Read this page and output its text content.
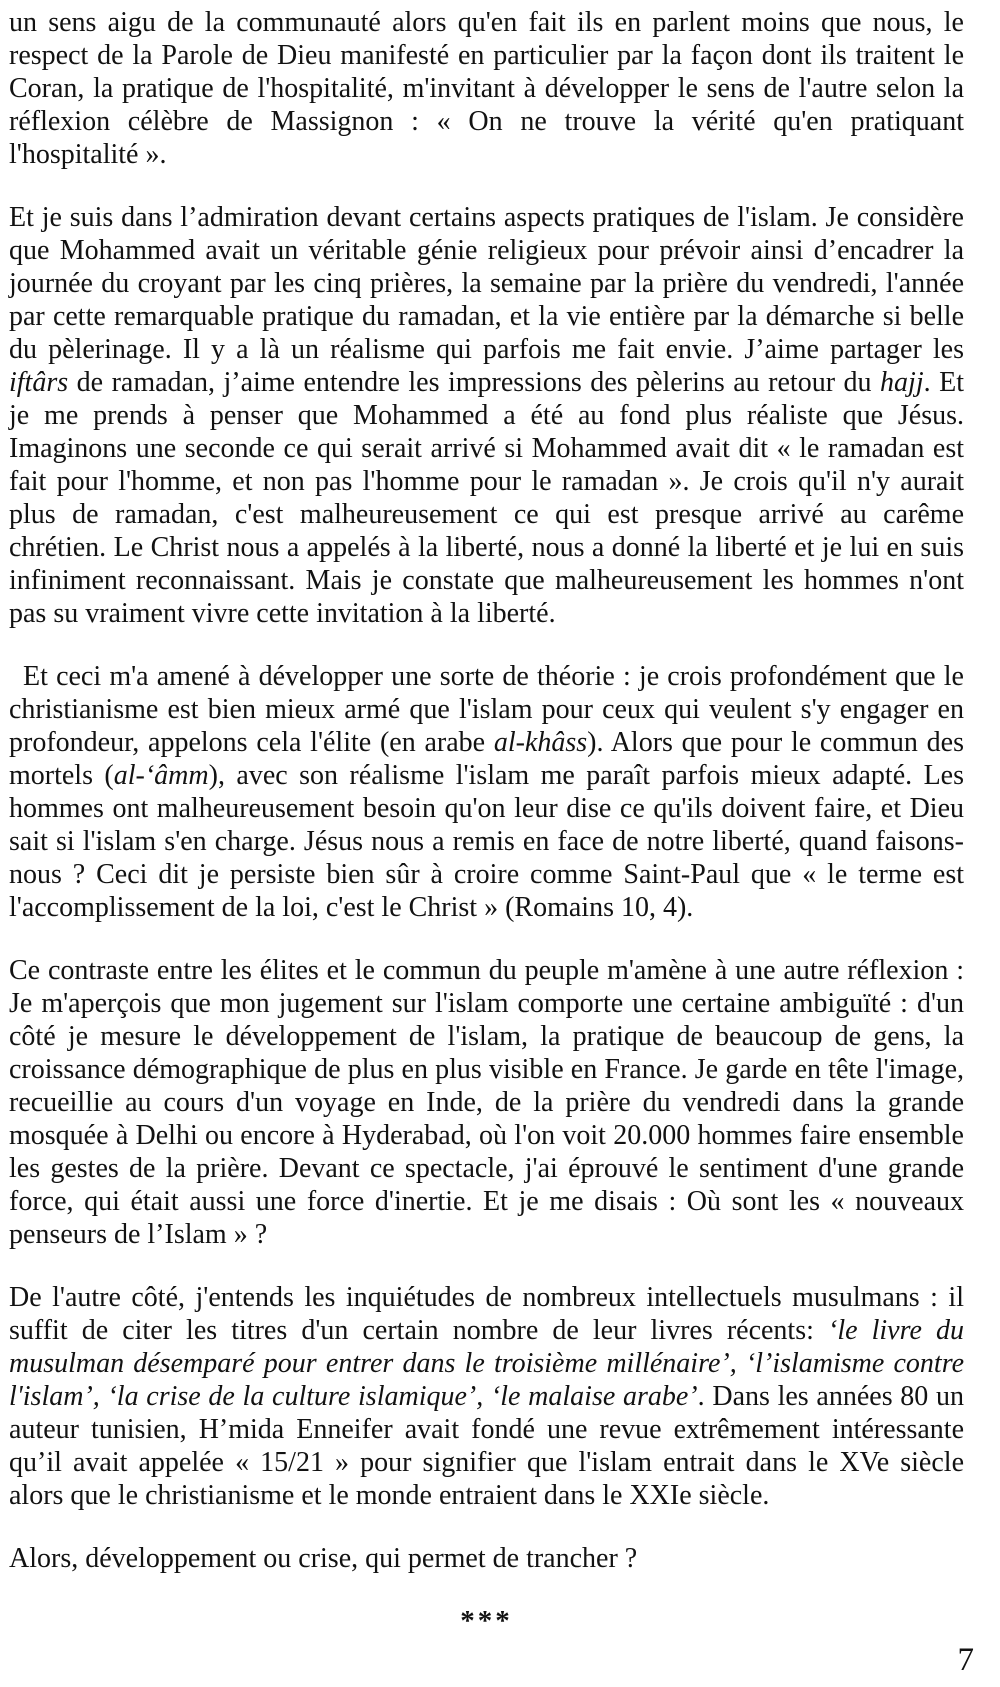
un sens aigu de la communauté alors qu'en fait ils en parlent moins que nous, le respect de la Parole de Dieu manifesté en particulier par la façon dont ils traitent le Coran, la pratique de l'hospitalité, m'invitant à développer le sens de l'autre selon la réflexion célèbre de Massignon : « On ne trouve la vérité qu'en pratiquant l'hospitalité ».

Et je suis dans l’admiration devant certains aspects pratiques de l'islam. Je considère que Mohammed avait un véritable génie religieux pour prévoir ainsi d’encadrer la journée du croyant par les cinq prières, la semaine par la prière du vendredi, l'année par cette remarquable pratique du ramadan, et la vie entière par la démarche si belle du pèlerinage. Il y a là un réalisme qui parfois me fait envie. J’aime partager les iftârs de ramadan, j’aime entendre les impressions des pèlerins au retour du hajj. Et je me prends à penser que Mohammed a été au fond plus réaliste que Jésus. Imaginons une seconde ce qui serait arrivé si Mohammed avait dit « le ramadan est fait pour l'homme, et non pas l'homme pour le ramadan ». Je crois qu'il n'y aurait plus de ramadan, c'est malheureusement ce qui est presque arrivé au carême chrétien. Le Christ nous a appelés à la liberté, nous a donné la liberté et je lui en suis infiniment reconnaissant. Mais je constate que malheureusement les hommes n'ont pas su vraiment vivre cette invitation à la liberté.

Et ceci m'a amené à développer une sorte de théorie : je crois profondément que le christianisme est bien mieux armé que l'islam pour ceux qui veulent s'y engager en profondeur, appelons cela l'élite (en arabe al-khâss). Alors que pour le commun des mortels (al-‘âmm), avec son réalisme l'islam me paraît parfois mieux adapté. Les hommes ont malheureusement besoin qu'on leur dise ce qu'ils doivent faire, et Dieu sait si l'islam s'en charge. Jésus nous a remis en face de notre liberté, quand faisons-nous ? Ceci dit je persiste bien sûr à croire comme Saint-Paul que « le terme est l'accomplissement de la loi, c'est le Christ » (Romains 10, 4).

Ce contraste entre les élites et le commun du peuple m'amène à une autre réflexion : Je m'aperçois que mon jugement sur l'islam comporte une certaine ambiguïté : d'un côté je mesure le développement de l'islam, la pratique de beaucoup de gens, la croissance démographique de plus en plus visible en France. Je garde en tête l'image, recueillie au cours d'un voyage en Inde, de la prière du vendredi dans la grande mosquée à Delhi ou encore à Hyderabad, où l'on voit 20.000 hommes faire ensemble les gestes de la prière. Devant ce spectacle, j'ai éprouvé le sentiment d'une grande force, qui était aussi une force d'inertie. Et je me disais : Où sont les « nouveaux penseurs de l’Islam » ?

De l'autre côté, j'entends les inquiétudes de nombreux intellectuels musulmans : il suffit de citer les titres d'un certain nombre de leur livres récents: ‘le livre du musulman désemparé pour entrer dans le troisième millénaire’, ‘l’islamisme contre l'islam’, ‘la crise de la culture islamique’, ‘le malaise arabe’. Dans les années 80 un auteur tunisien, H’mida Enneifer avait fondé une revue extrêmement intéressante qu’il avait appelée « 15/21 » pour signifier que l'islam entrait dans le XVe siècle alors que le christianisme et le monde entraient dans le XXIe siècle.

Alors, développement ou crise, qui permet de trancher ?

***
7
